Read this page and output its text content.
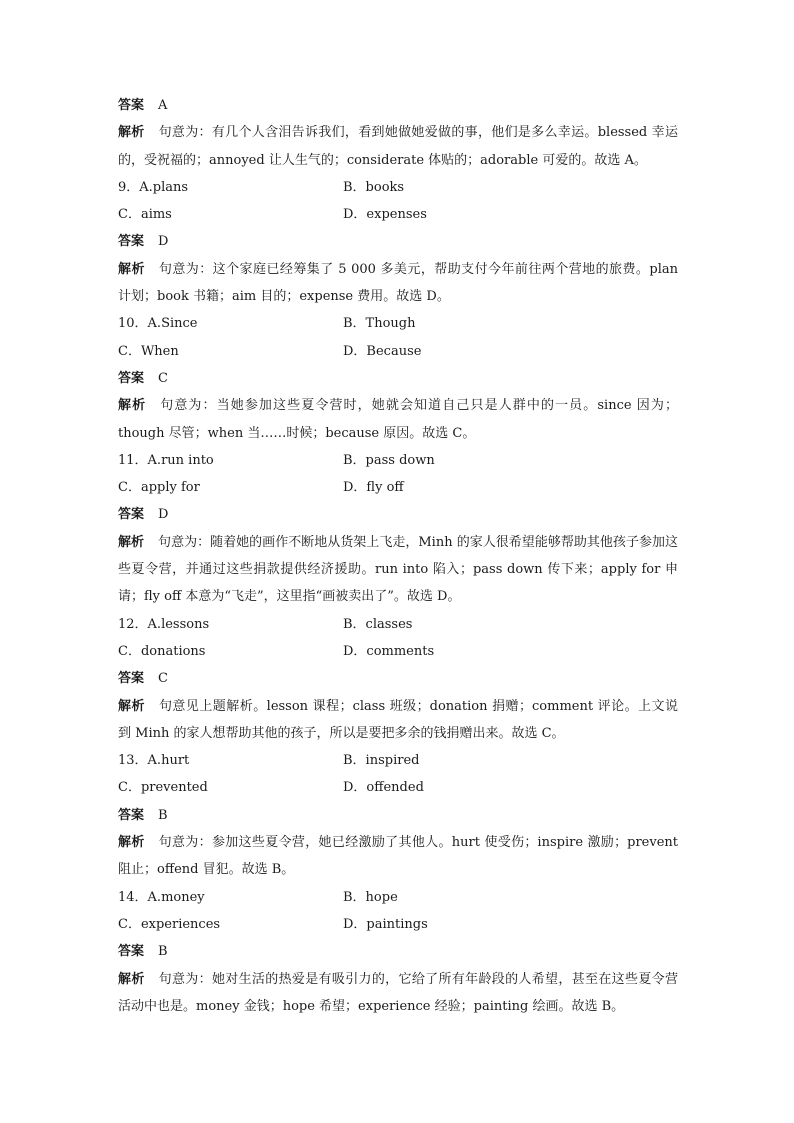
答案 A
解析 句意为：有几个人含泪告诉我们，看到她做她爱做的事，他们是多么幸运。blessed 幸运的，受祝福的；annoyed 让人生气的；considerate 体贴的；adorable 可爱的。故选 A。
9．A.plans	B．books
C．aims	D．expenses
答案 D
解析 句意为：这个家庭已经筹集了 5 000 多美元，帮助支付今年前往两个营地的旅费。plan 计划；book 书籍；aim 目的；expense 费用。故选 D。
10．A.Since	B．Though
C．When	D．Because
答案 C
解析 句意为：当她参加这些夏令营时，她就会知道自己只是人群中的一员。since 因为；though 尽管；when 当……时候；because 原因。故选 C。
11．A.run into	B．pass down
C．apply for	D．fly off
答案 D
解析 句意为：随着她的画作不断地从货架上飞走，Minh 的家人很希望能够帮助其他孩子参加这些夏令营，并通过这些捐款提供经济援助。run into 陷入；pass down 传下来；apply for 申请；fly off 本意为“飞走”，这里指“画被卖出了”。故选 D。
12．A.lessons	B．classes
C．donations	D．comments
答案 C
解析 句意见上题解析。lesson 课程；class 班级；donation 捐赠；comment 评论。上文说到 Minh 的家人想帮助其他的孩子，所以是要把多余的钱捐赠出来。故选 C。
13．A.hurt	B．inspired
C．prevented	D．offended
答案 B
解析 句意为：参加这些夏令营，她已经激励了其他人。hurt 使受伤；inspire 激励；prevent 阻止；offend 冒犯。故选 B。
14．A.money	B．hope
C．experiences	D．paintings
答案 B
解析 句意为：她对生活的热爱是有吸引力的，它给了所有年龄段的人希望，甚至在这些夏令营活动中也是。money 金钱；hope 希望；experience 经验；painting 绘画。故选 B。
